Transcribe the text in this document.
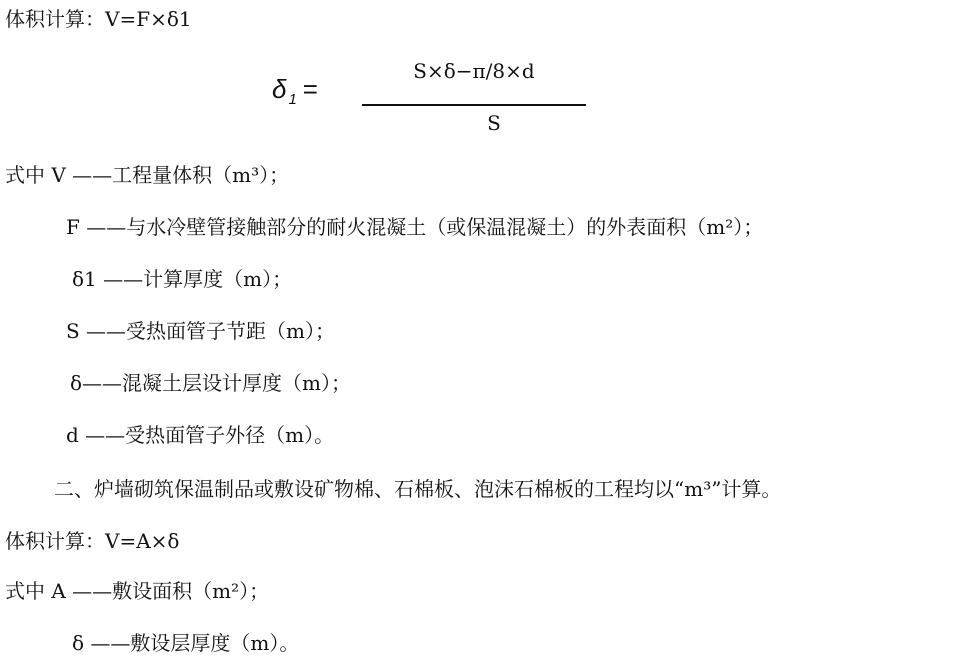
体积计算：V=F×δ1
δ $_1$ =
S×δ−π/8×d
S
式中 V ——工程量体积（m³）；
F ——与水冷壁管接触部分的耐火混凝土（或保温混凝土）的外表面积（m²）；
δ1 ——计算厚度（m）；
S ——受热面管子节距（m）；
δ——混凝土层设计厚度（m）；
d ——受热面管子外径（m）。
二、炉墙砌筑保温制品或敷设矿物棉、石棉板、泡沫石棉板的工程均以“m³”计算。
体积计算：V=A×δ
式中 A ——敷设面积（m²）；
δ ——敷设层厚度（m）。
